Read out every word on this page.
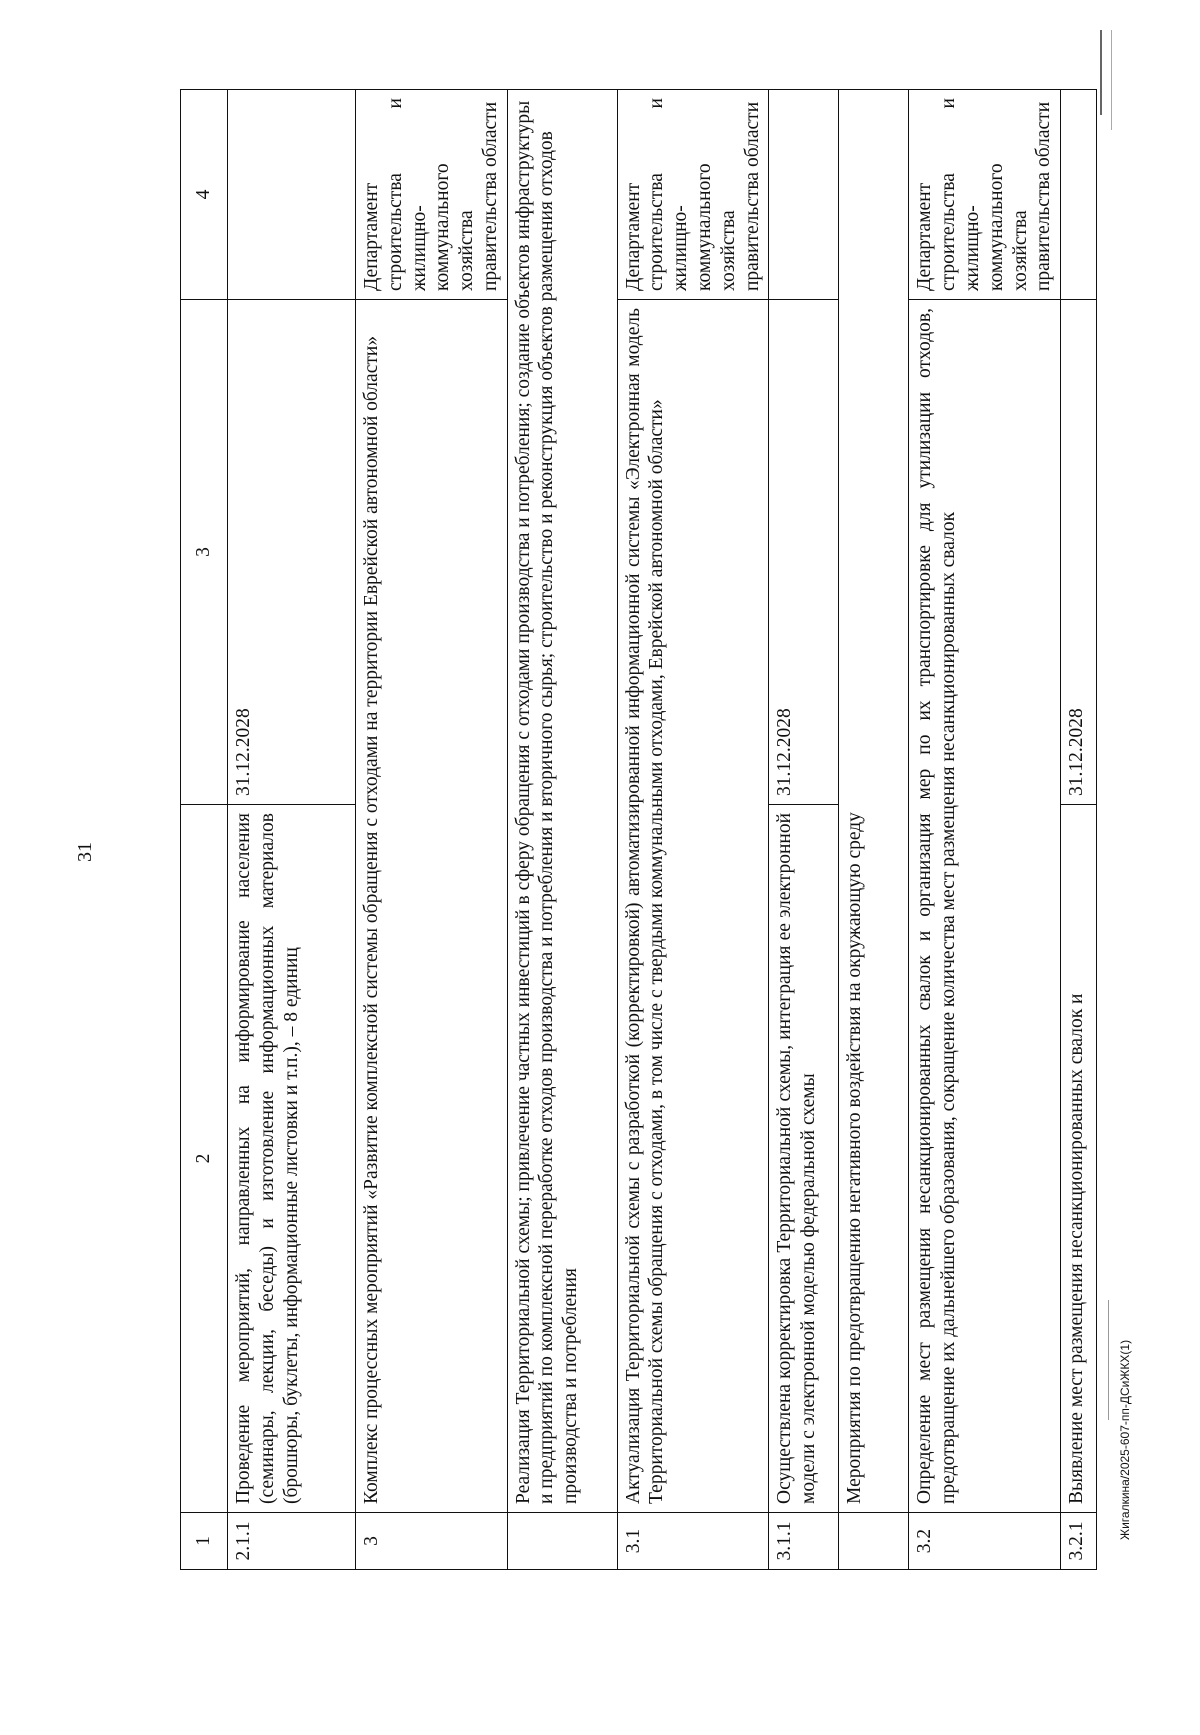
31
1	2	3	4
2.1.1	Проведение мероприятий, направленных на информирование населения (семинары, лекции, беседы) и изготовление информационных материалов (брошюры, буклеты, информационные листовки и т.п.), – 8 единиц	31.12.2028	
3	Комплекс процессных мероприятий «Развитие комплексной системы обращения с отходами на территории Еврейской автономной области»		Департамент строительства и жилищно-коммунального хозяйства правительства области
	Реализация Территориальной схемы; привлечение частных инвестиций в сферу обращения с отходами производства и потребления; создание объектов инфраструктуры и предприятий по комплексной переработке отходов производства и потребления и вторичного сырья; строительство и реконструкция объектов размещения отходов производства и потребления		
3.1	Актуализация Территориальной схемы с разработкой (корректировкой) автоматизированной информационной системы «Электронная модель Территориальной схемы обращения с отходами, в том числе с твердыми коммунальными отходами, Еврейской автономной области»		Департамент строительства и жилищно-коммунального хозяйства правительства области
3.1.1	Осуществлена корректировка Территориальной схемы, интеграция ее электронной модели с электронной моделью федеральной схемы	31.12.2028	
	Мероприятия по предотвращению негативного воздействия на окружающую среду		
3.2	Определение мест размещения несанкционированных свалок и организация мер по их транспортировке для утилизации отходов, предотвращение их дальнейшего образования, сокращение количества мест размещения несанкционированных свалок		Департамент строительства и жилищно-коммунального хозяйства правительства области
3.2.1	Выявление мест размещения несанкционированных свалок и	31.12.2028	
Жигалкина/2025-607-пп-ДСиЖКХ(1)
